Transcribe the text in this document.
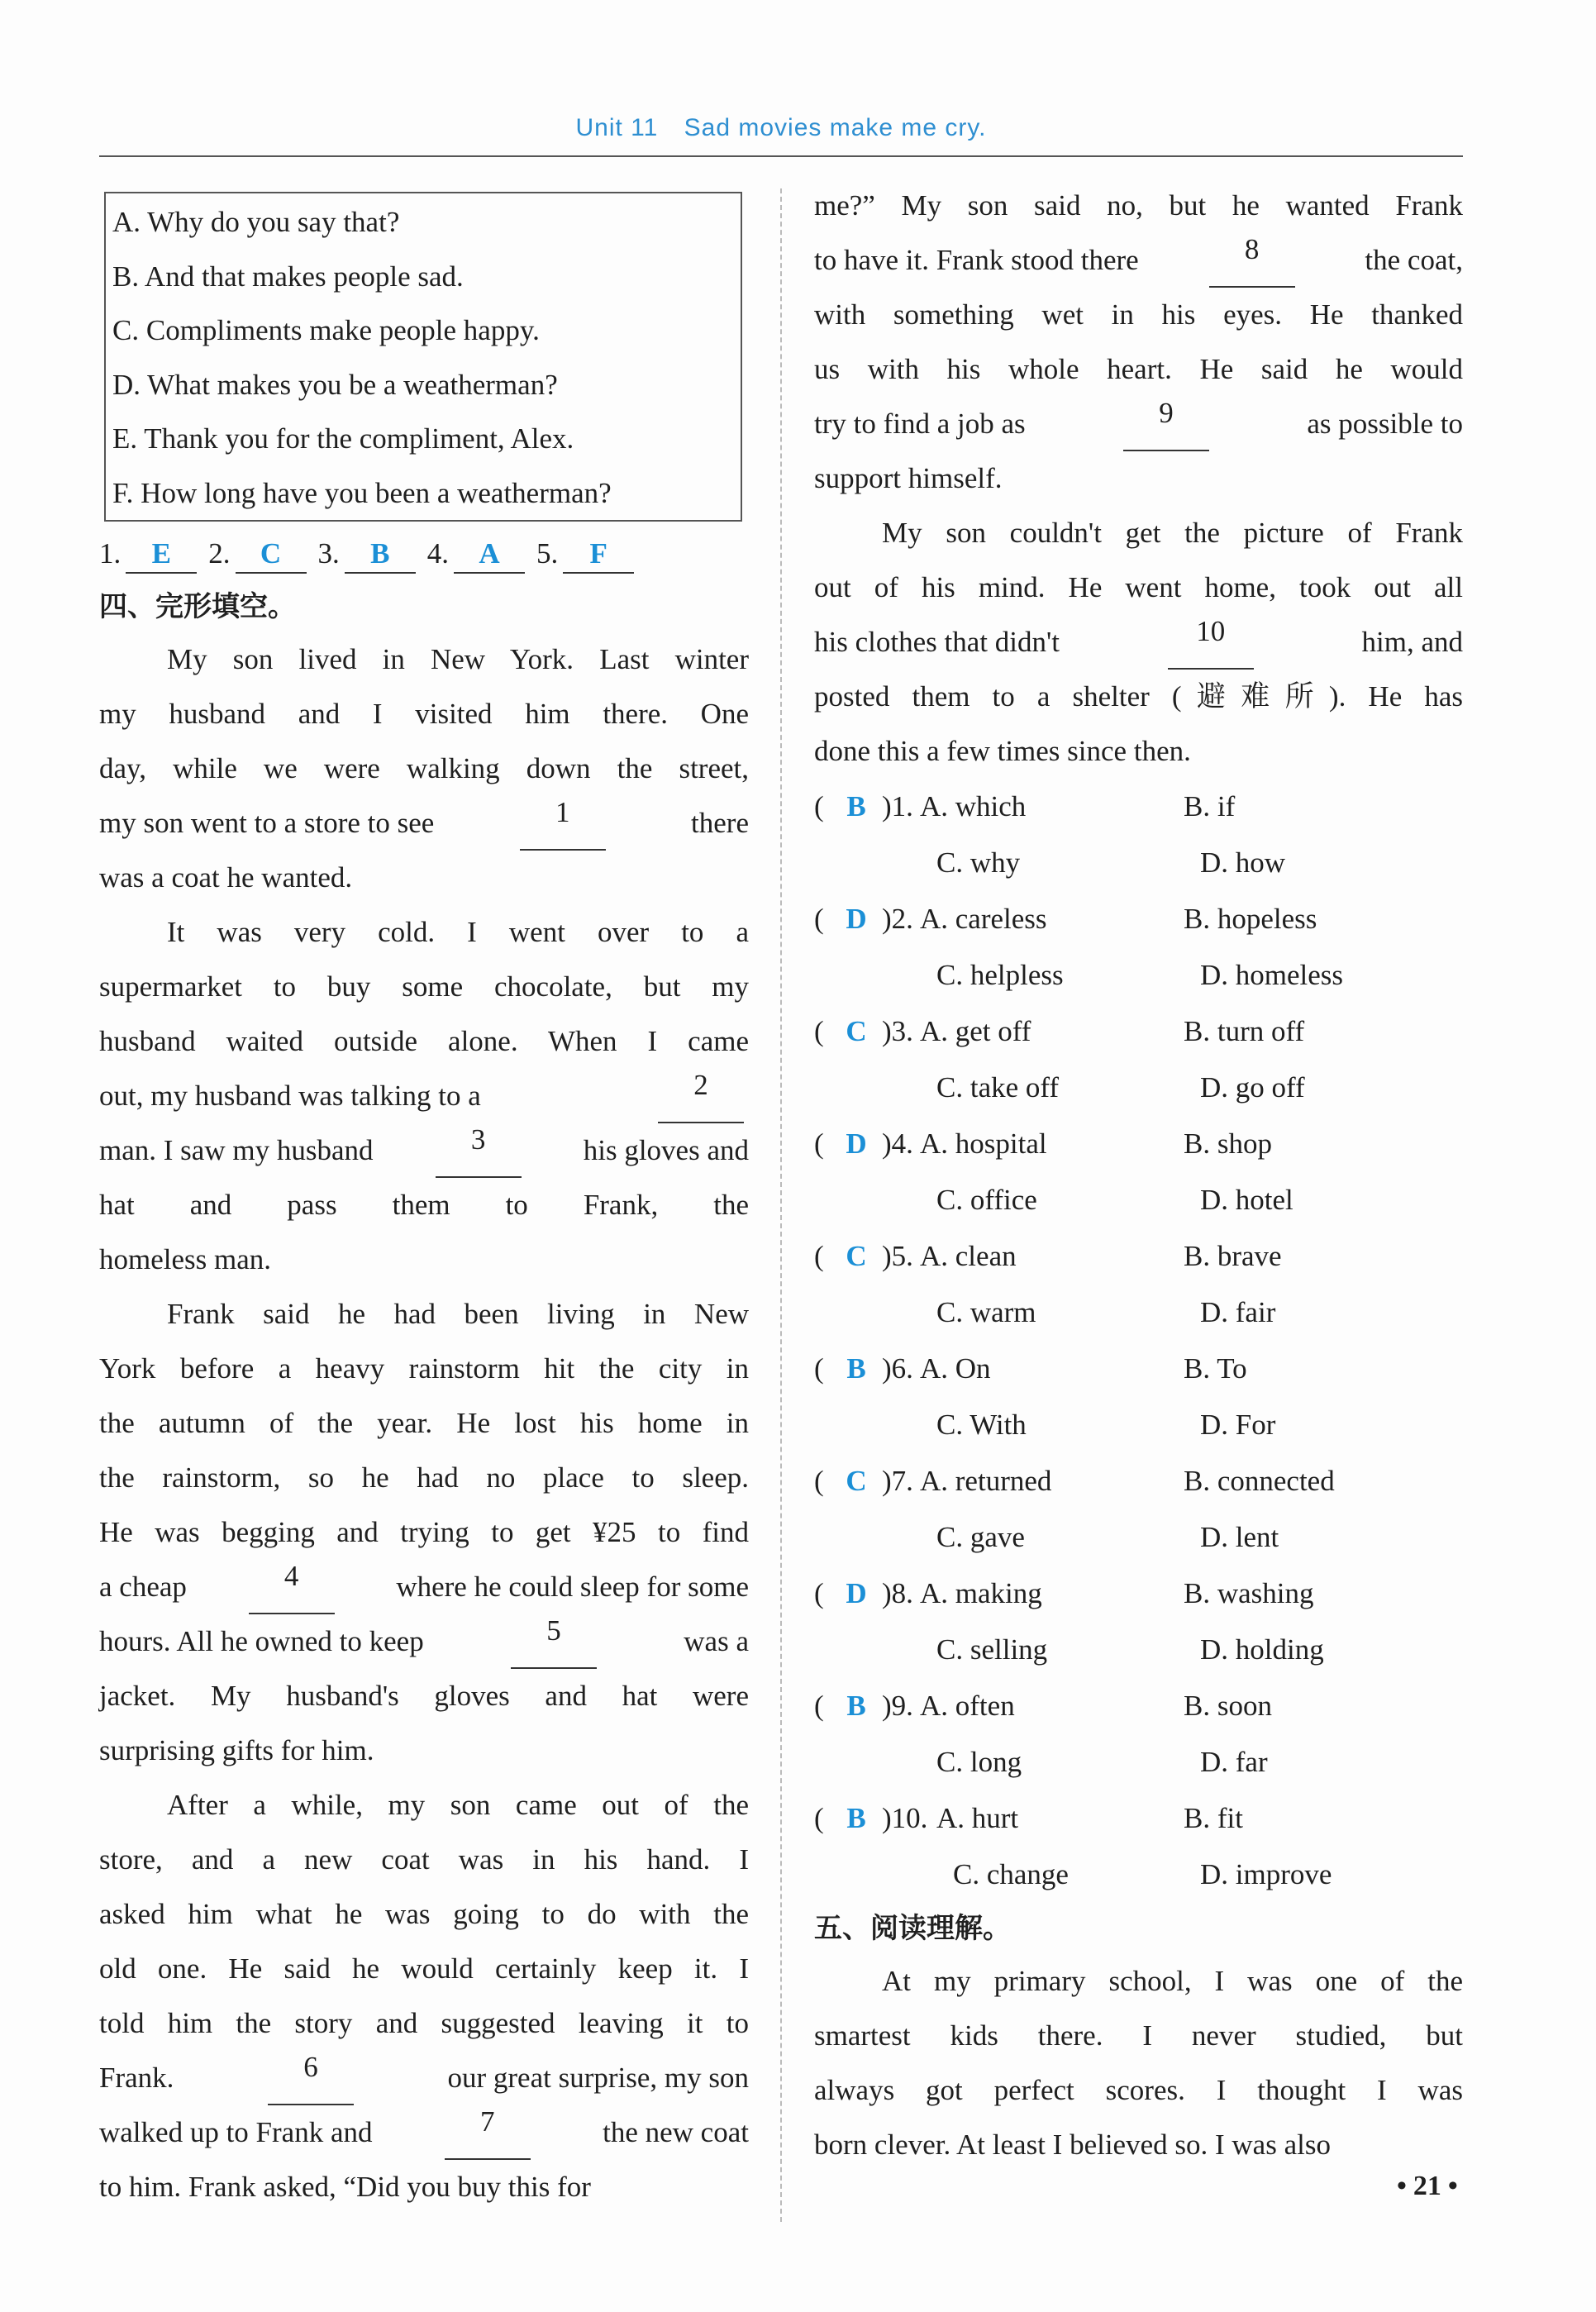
Unit 11 Sad movies make me cry.
A. Why do you say that?
B. And that makes people sad.
C. Compliments make people happy.
D. What makes you be a weatherman?
E. Thank you for the compliment, Alex.
F. How long have you been a weatherman?
1. E	2. C	3. B	4. A	5. F
四、完形填空。
My son lived in New York. Last winter
my husband and I visited him there. One
day, while we were walking down the street,
my son went to a store to see	1	there
was a coat he wanted.
It was very cold. I went over to a
supermarket to buy some chocolate, but my
husband waited outside alone. When I came
out, my husband was talking to a	2
man. I saw my husband	3	his gloves and
hat and pass them to Frank, the
homeless man.
Frank said he had been living in New
York before a heavy rainstorm hit the city in
the autumn of the year. He lost his home in
the rainstorm, so he had no place to sleep.
He was begging and trying to get ¥25 to find
a cheap	4	where he could sleep for some
hours. All he owned to keep	5	was a
jacket. My husband's gloves and hat were
surprising gifts for him.
After a while, my son came out of the
store, and a new coat was in his hand. I
asked him what he was going to do with the
old one. He said he would certainly keep it. I
told him the story and suggested leaving it to
Frank.	6	our great surprise, my son
walked up to Frank and	7	the new coat
to him. Frank asked, “Did you buy this for
me?” My son said no, but he wanted Frank
to have it. Frank stood there	8	the coat,
with something wet in his eyes. He thanked
us with his whole heart. He said he would
try to find a job as	9	as possible to
support himself.
My son couldn't get the picture of Frank
out of his mind. He went home, took out all
his clothes that didn't	10	him, and
posted them to a shelter (避难所). He has
done this a few times since then.
( B )1. A. which	B. if
C. why	D. how
( D )2. A. careless	B. hopeless
C. helpless	D. homeless
( C )3. A. get off	B. turn off
C. take off	D. go off
( D )4. A. hospital	B. shop
C. office	D. hotel
( C )5. A. clean	B. brave
C. warm	D. fair
( B )6. A. On	B. To
C. With	D. For
( C )7. A. returned	B. connected
C. gave	D. lent
( D )8. A. making	B. washing
C. selling	D. holding
( B )9. A. often	B. soon
C. long	D. far
( B )10. A. hurt	B. fit
C. change	D. improve
五、阅读理解。
At my primary school, I was one of the
smartest kids there. I never studied, but
always got perfect scores. I thought I was
born clever. At least I believed so. I was also
• 21 •
